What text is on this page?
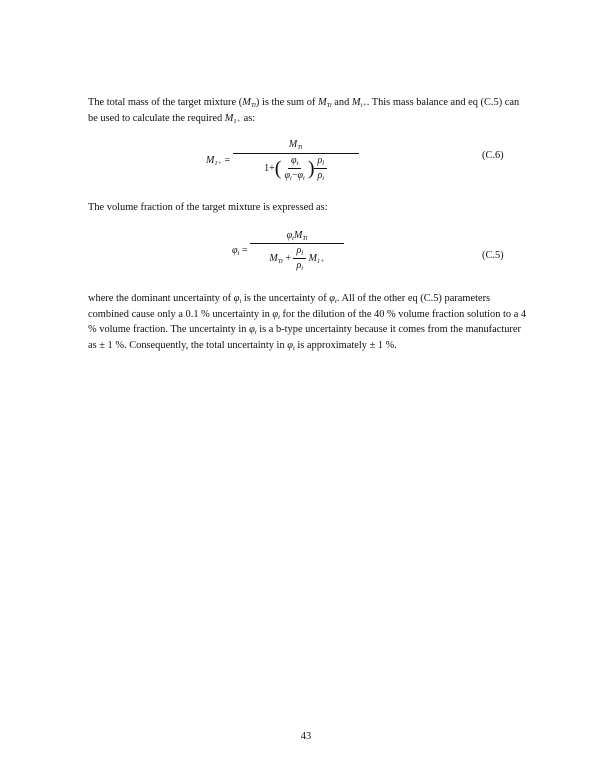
The total mass of the target mixture $(M_{Ti})$ is the sum of $M_{Ti}$ and $M_{i+}$. This mass balance and eq (C.5) can be used to calculate the required $M_{1+}$ as:
$M_{1+} = \frac{M_{Ti}}{1+( \frac{\varphi_t}{\varphi_i-\varphi_t} ) \frac{\rho_l}{\rho_i}}$	(C.6)
The volume fraction of the target mixture is expressed as:
$\varphi_i = \frac{\varphi_tM_{Ti}}{M_{Ti} + \frac{\rho_l}{\rho_i} M_{1+}}$	(C.5)
where the dominant uncertainty of $\varphi_i$ is the uncertainty of $\varphi_t$. All of the other eq (C.5) parameters combined cause only a 0.1 % uncertainty in $\varphi_i$ for the dilution of the 40 % volume fraction solution to a 4 % volume fraction. The uncertainty in $\varphi_t$ is a b-type uncertainty because it comes from the manufacturer as ± 1 %. Consequently, the total uncertainty in $\varphi_t$ is approximately ± 1 %.
43
